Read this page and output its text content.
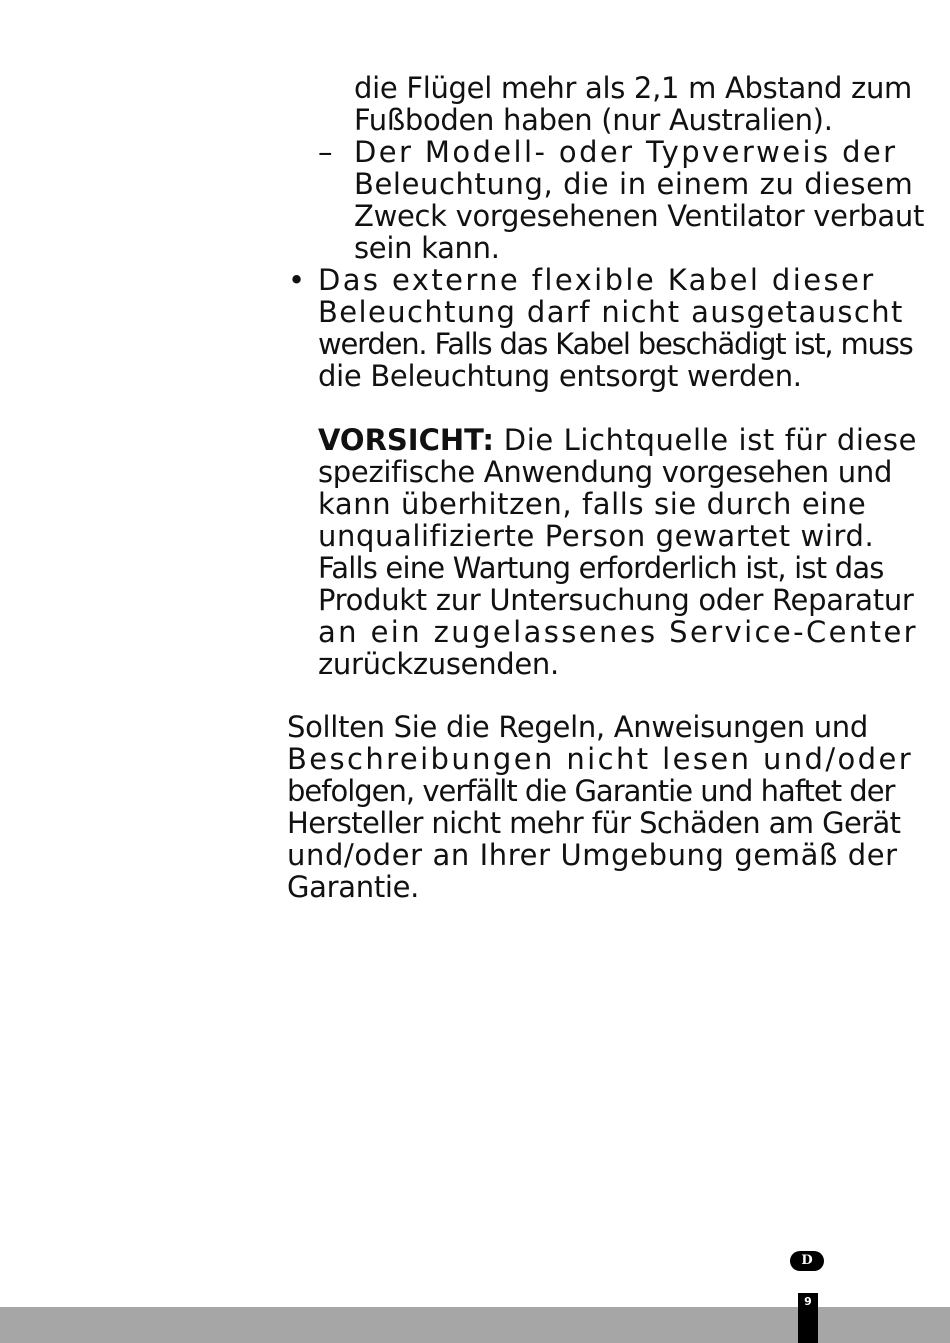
die Flügel mehr als 2,1 m Abstand zum
Fußboden haben (nur Australien).
– Der Modell- oder Typverweis der
Beleuchtung, die in einem zu diesem
Zweck vorgesehenen Ventilator verbaut
sein kann.
• Das externe flexible Kabel dieser
Beleuchtung darf nicht ausgetauscht
werden. Falls das Kabel beschädigt ist, muss
die Beleuchtung entsorgt werden.
VORSICHT: Die Lichtquelle ist für diese
spezifische Anwendung vorgesehen und
kann überhitzen, falls sie durch eine
unqualifizierte Person gewartet wird.
Falls eine Wartung erforderlich ist, ist das
Produkt zur Untersuchung oder Reparatur
an ein zugelassenes Service-Center
zurückzusenden.
Sollten Sie die Regeln, Anweisungen und
Beschreibungen nicht lesen und/oder
befolgen, verfällt die Garantie und haftet der
Hersteller nicht mehr für Schäden am Gerät
und/oder an Ihrer Umgebung gemäß der
Garantie.
D
9
